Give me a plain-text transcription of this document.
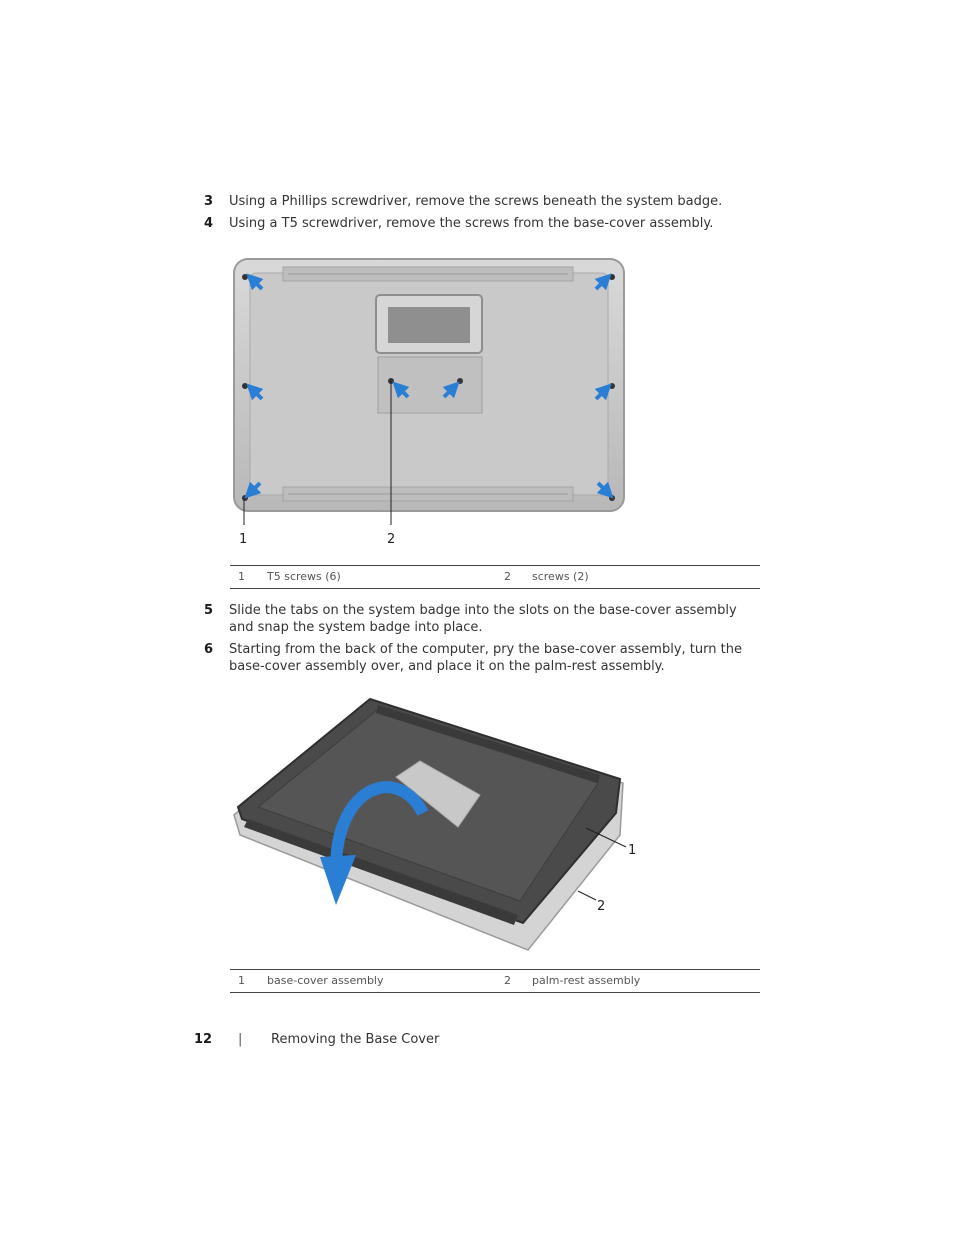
3 Using a Phillips screwdriver, remove the screws beneath the system badge.
4 Using a T5 screwdriver, remove the screws from the base-cover assembly.
1	2
1 T5 screws (6)	2 screws (2)
5 Slide the tabs on the system badge into the slots on the base-cover assembly and snap the system badge into place.
6 Starting from the back of the computer, pry the base-cover assembly, turn the base-cover assembly over, and place it on the palm-rest assembly.
1
2
1 base-cover assembly	2 palm-rest assembly
12 | Removing the Base Cover
